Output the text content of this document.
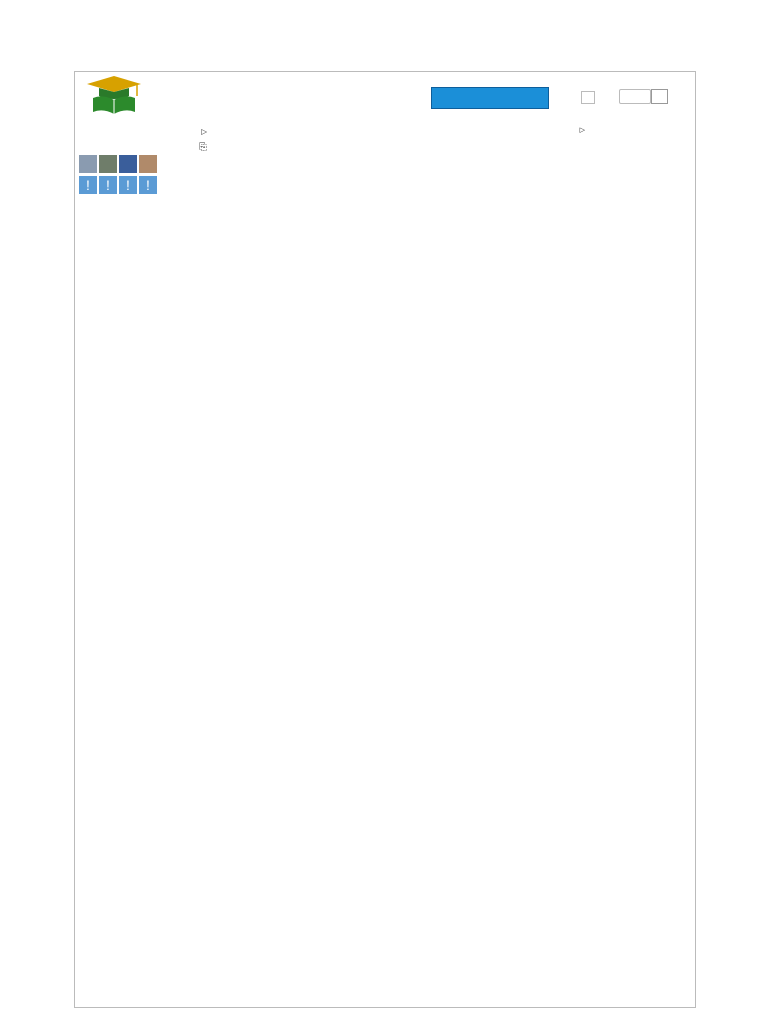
▷
⎘
!	!	!	!
▷
